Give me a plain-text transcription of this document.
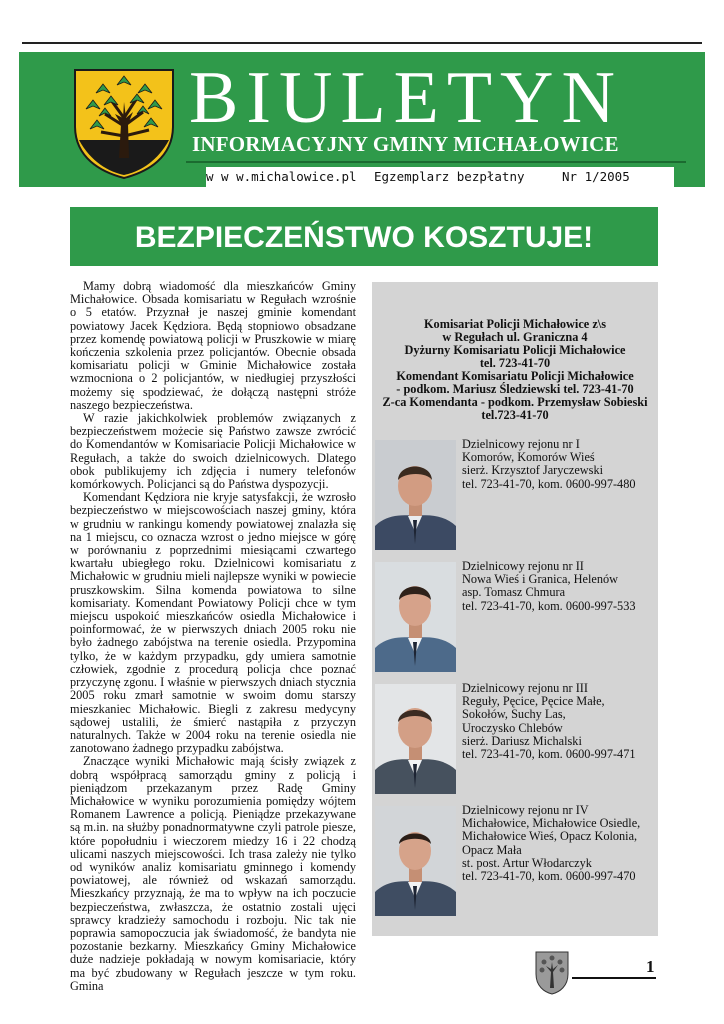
BIULETYN
INFORMACYJNY GMINY MICHAŁOWICE
w w w.michalowice.pl Egzemplarz bezpłatny	Nr 1/2005
BEZPIECZEŃSTWO KOSZTUJE!

Mamy dobrą wiadomość dla mieszkańców Gminy Michałowice. Obsada komisariatu w Regułach wzrośnie o 5 etatów. Przyznał je naszej gminie komendant powiatowy Jacek Kędziora. Będą stopniowo obsadzane przez komendę powiatową policji w Pruszkowie w miarę kończenia szkolenia przez policjantów. Obecnie obsada komisariatu policji w Gminie Michałowice została wzmocniona o 2 policjantów, w niedługiej przyszłości możemy się spodziewać, że dołączą następni stróże naszego bezpieczeństwa.

W razie jakichkolwiek problemów związanych z bezpieczeństwem możecie się Państwo zawsze zwrócić do Komendantów w Komisariacie Policji Michałowice w Regułach, a także do swoich dzielnicowych. Dlatego obok publikujemy ich zdjęcia i numery telefonów komórkowych. Policjanci są do Państwa dyspozycji.

Komendant Kędziora nie kryje satysfakcji, że wzrosło bezpieczeństwo w miejscowościach naszej gminy, która w grudniu w rankingu komendy powiatowej znalazła się na 1 miejscu, co oznacza wzrost o jedno miejsce w górę w porównaniu z poprzednimi miesiącami czwartego kwartału ubiegłego roku. Dzielnicowi komisariatu z Michałowic w grudniu mieli najlepsze wyniki w powiecie pruszkowskim. Silna komenda powiatowa to silne komisariaty. Komendant Powiatowy Policji chce w tym miejscu uspokoić mieszkańców osiedla Michałowice i poinformować, że w pierwszych dniach 2005 roku nie było żadnego zabójstwa na terenie osiedla. Przypomina tylko, że w każdym przypadku, gdy umiera samotnie człowiek, zgodnie z procedurą policja chce poznać przyczynę zgonu. I właśnie w pierwszych dniach stycznia 2005 roku zmarł samotnie w swoim domu starszy mieszkaniec Michałowic. Biegli z zakresu medycyny sądowej ustalili, że śmierć nastąpiła z przyczyn naturalnych. Także w 2004 roku na terenie osiedla nie zanotowano żadnego przypadku zabójstwa.

Znaczące wyniki Michałowic mają ścisły związek z dobrą współpracą samorządu gminy z policją i pieniądzom przekazanym przez Radę Gminy Michałowice w wyniku porozumienia pomiędzy wójtem Romanem Lawrence a policją. Pieniądze przekazywane są m.in. na służby ponadnormatywne czyli patrole piesze, które popołudniu i wieczorem miedzy 16 i 22 chodzą ulicami naszych miejscowości. Ich trasa zależy nie tylko od wyników analiz komisariatu gminnego i komendy powiatowej, ale również od wskazań samorządu. Mieszkańcy przyznają, że ma to wpływ na ich poczucie bezpieczeństwa, zwłaszcza, że ostatnio zostali ujęci sprawcy kradzieży samochodu i rozboju. Nic tak nie poprawia samopoczucia jak świadomość, że bandyta nie pozostanie bezkarny. Mieszkańcy Gminy Michałowice duże nadzieje pokładają w nowym komisariacie, który ma być zbudowany w Regułach jeszcze w tym roku. Gmina

Komisariat Policji Michałowice z\s
w Regułach ul. Graniczna 4
Dyżurny Komisariatu Policji Michałowice
tel. 723-41-70
Komendant Komisariatu Policji Michałowice
- podkom. Mariusz Śledziewski tel. 723-41-70
Z-ca Komendanta - podkom. Przemysław Sobieski
tel.723-41-70
Dzielnicowy rejonu nr I
Komorów, Komorów Wieś
sierż. Krzysztof Jaryczewski
tel. 723-41-70, kom. 0600-997-480
Dzielnicowy rejonu nr II
Nowa Wieś i Granica, Helenów
asp. Tomasz Chmura
tel. 723-41-70, kom. 0600-997-533
Dzielnicowy rejonu nr III
Reguły, Pęcice, Pęcice Małe,
Sokołów, Suchy Las,
Uroczysko Chlebów
sierż. Dariusz Michalski
tel. 723-41-70, kom. 0600-997-471
Dzielnicowy rejonu nr IV
Michałowice, Michałowice Osiedle,
Michałowice Wieś, Opacz Kolonia,
Opacz Mała
st. post. Artur Włodarczyk
tel. 723-41-70, kom. 0600-997-470
1
